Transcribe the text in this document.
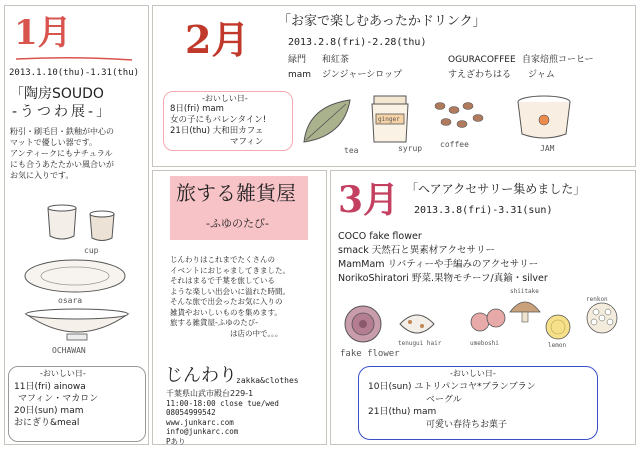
1月
2013.1.10(thu)-1.31(thu)
「陶房SOUDO
-うつわ展-」
粉引・刷毛目・鉄釉が中心の
マットで優しい器です。
アンティークにもナチュラル
にも合うあたたかい風合いが
お気に入りです。
cup
osara
OCHAWAN
-おいしい日-
11日(fri) ainowa
マフィン・マカロン
20日(sun) mam
おにぎり&meal
2月 「お家で楽しむあったかドリンク」
2013.2.8(fri)-2.28(thu)
緑門 和紅茶	OGURACOFFEE 自家焙煎コーヒー
mam ジンジャーシロップ	すえざわちはる ジャム
-おいしい日-
8日(fri) mam
女の子にもバレンタイン!
21日(thu) 大和田カフェ
マフィン
tea
ginger
syrup coffee	JAM
旅する雑貨屋
-ふゆのたび-
じんわりはこれまでたくさんの
イベントにおじゃましてきました。
それはまるで千葉を旅している
ような楽しい出会いに溢れた時間。
そんな旅で出会ったお気に入りの
雑貨やおいしいものを集めます。
旅する雑貨屋-ふゆのたび-
は店の中で。。。
じんわり zakka&clothes
千葉県山武市殿台229-1
11:00-18:00 close tue/wed
08054999542
www.junkarc.com
info@junkarc.com
Pあり
3月 「ヘアアクセサリー集めました」
2013.3.8(fri)-3.31(sun)
COCO fake flower
smack 天然石と異素材アクセサリー
MamMam リバティーや手編みのアクセサリー
NorikoShiratori 野菜.果物モチーフ/真鍮・silver
fake flower
tenugui hair	umeboshi
shiitake
lemon
renkon
-おいしい日-
10日(sun) ユトリパンコヤ*ブランブラン
ベーグル
21日(thu) mam
可愛い春待ちお菓子
